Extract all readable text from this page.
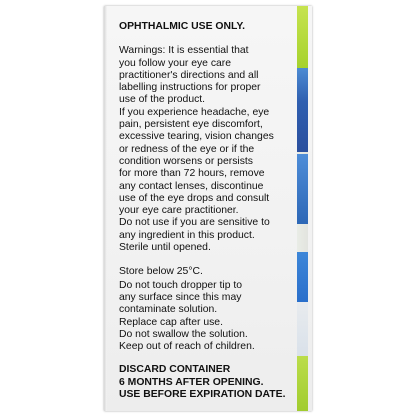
OPHTHALMIC USE ONLY.

Warnings: It is essential that

you follow your eye care

practitioner's directions and all

labelling instructions for proper

use of the product.

If you experience headache, eye

pain, persistent eye discomfort,

excessive tearing, vision changes

or redness of the eye or if the

condition worsens or persists

for more than 72 hours, remove

any contact lenses, discontinue

use of the eye drops and consult

your eye care practitioner.

Do not use if you are sensitive to

any ingredient in this product.

Sterile until opened.

Store below 25°C.

Do not touch dropper tip to

any surface since this may

contaminate solution.

Replace cap after use.

Do not swallow the solution.

Keep out of reach of children.

DISCARD CONTAINER

6 MONTHS AFTER OPENING.

USE BEFORE EXPIRATION DATE.
